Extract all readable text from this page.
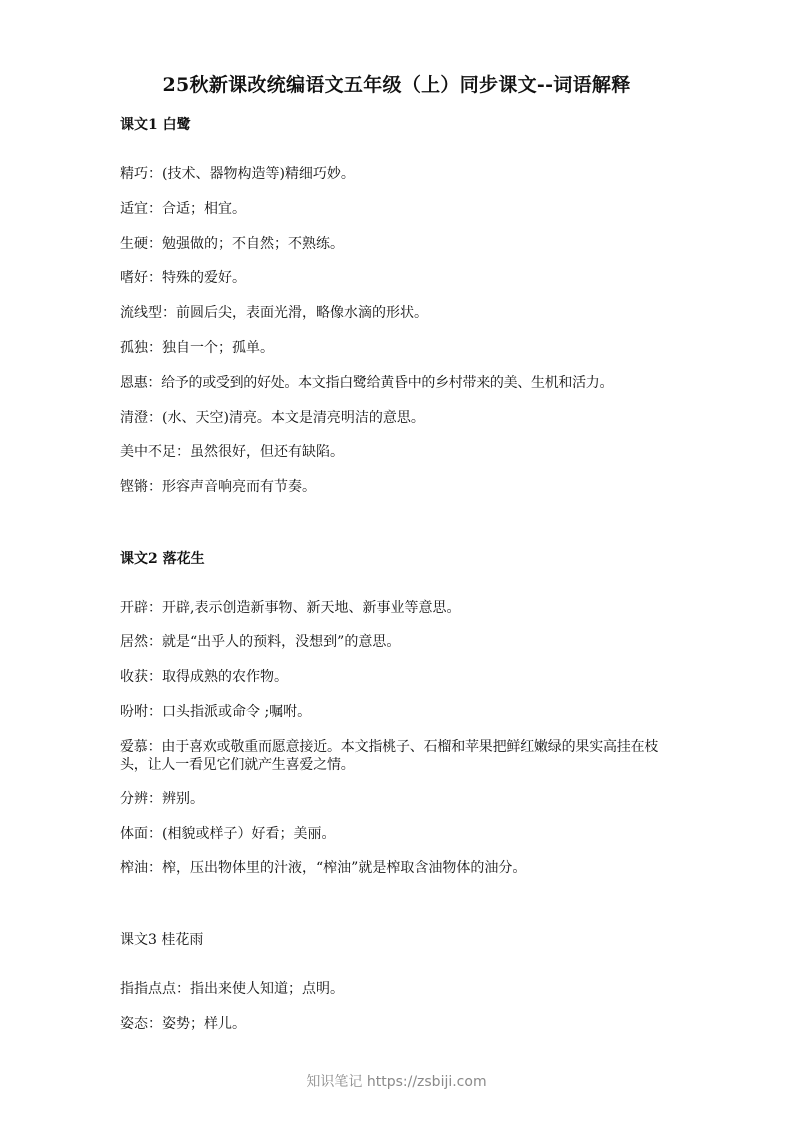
25秋新课改统编语文五年级（上）同步课文--词语解释
课文1 白鹭
精巧：(技术、器物构造等)精细巧妙。
适宜：合适；相宜。
生硬：勉强做的；不自然；不熟练。
嗜好：特殊的爱好。
流线型：前圆后尖，表面光滑，略像水滴的形状。
孤独：独自一个；孤单。
恩惠：给予的或受到的好处。本文指白鹭给黄昏中的乡村带来的美、生机和活力。
清澄：(水、天空)清亮。本文是清亮明洁的意思。
美中不足：虽然很好，但还有缺陷。
铿锵：形容声音响亮而有节奏。
课文2 落花生
开辟：开辟,表示创造新事物、新天地、新事业等意思。
居然：就是“出乎人的预料，没想到”的意思。
收获：取得成熟的农作物。
吩咐：口头指派或命令 ;嘱咐。
爱慕：由于喜欢或敬重而愿意接近。本文指桃子、石榴和苹果把鲜红嫩绿的果实高挂在枝头，让人一看见它们就产生喜爱之情。
分辨：辨别。
体面：(相貌或样子）好看；美丽。
榨油：榨，压出物体里的汁液，“榨油”就是榨取含油物体的油分。
课文3 桂花雨
指指点点：指出来使人知道；点明。
姿态：姿势；样儿。
知识笔记 https://zsbiji.com
